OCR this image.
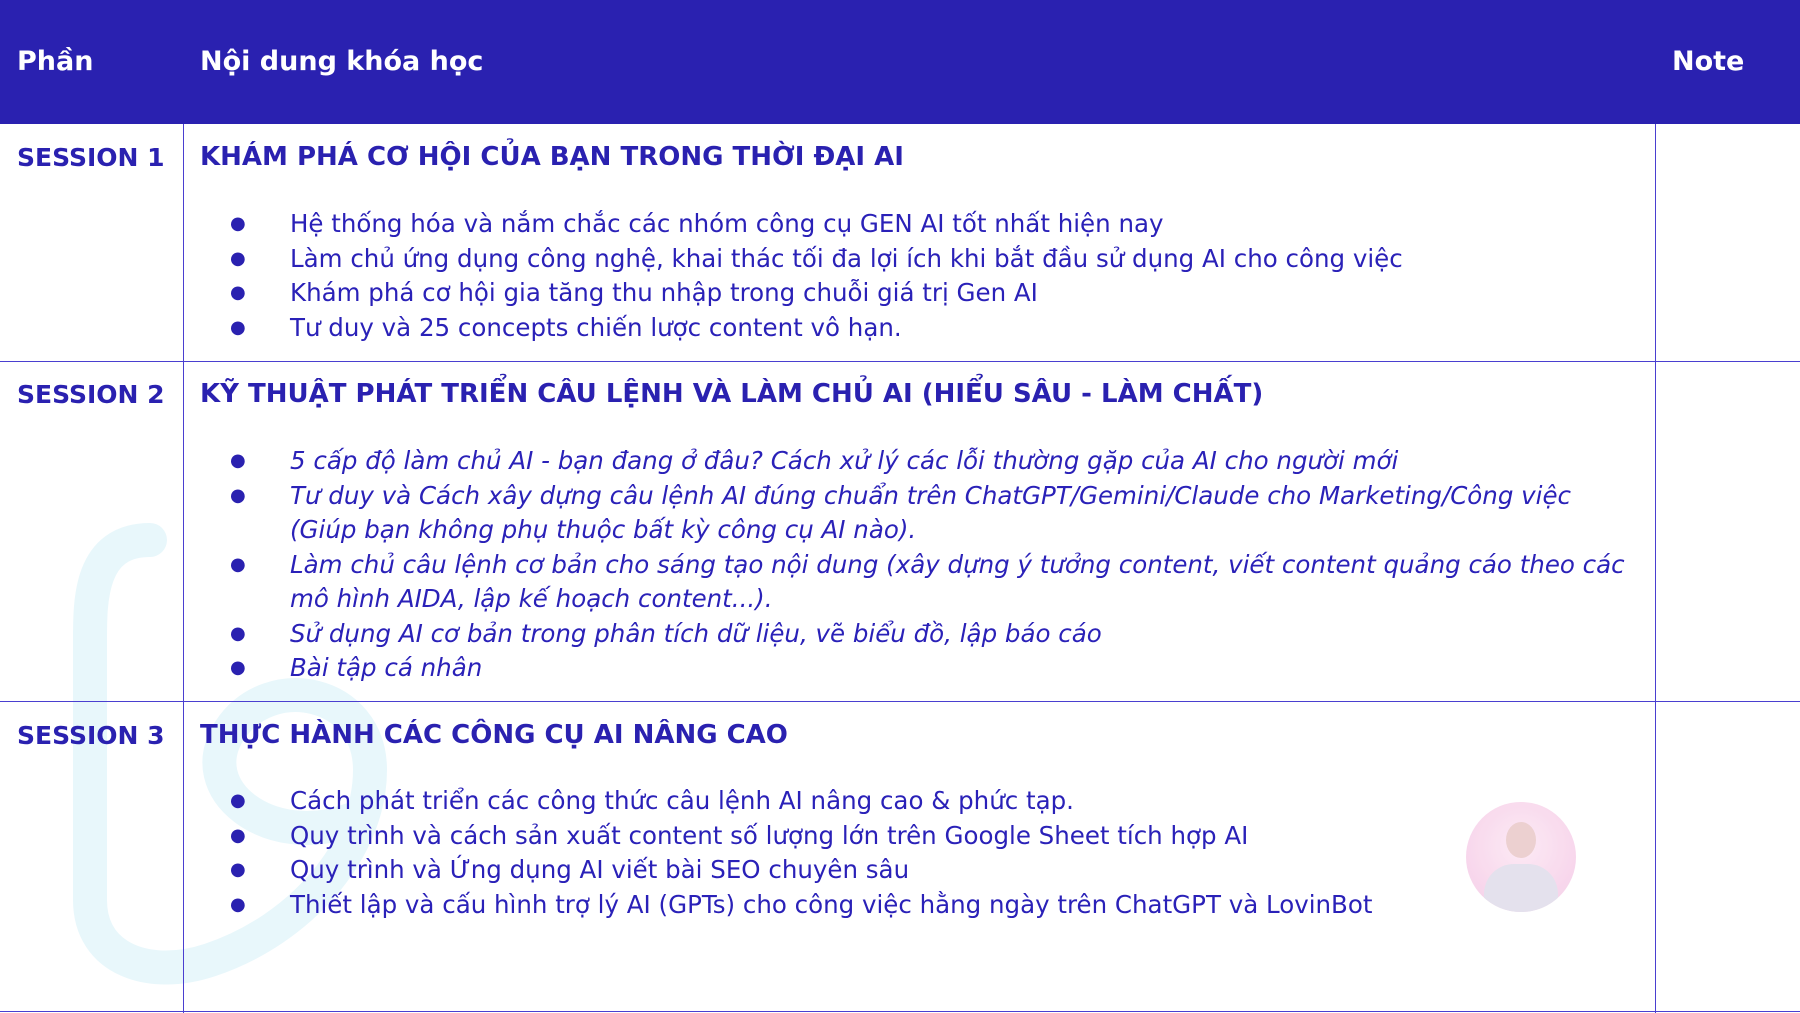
Phần	Nội dung khóa học	Note
SESSION 1 KHÁM PHÁ CƠ HỘI CỦA BẠN TRONG THỜI ĐẠI AI
● Hệ thống hóa và nắm chắc các nhóm công cụ GEN AI tốt nhất hiện nay
● Làm chủ ứng dụng công nghệ, khai thác tối đa lợi ích khi bắt đầu sử dụng AI cho công việc
● Khám phá cơ hội gia tăng thu nhập trong chuỗi giá trị Gen AI
● Tư duy và 25 concepts chiến lược content vô hạn.
SESSION 2 KỸ THUẬT PHÁT TRIỂN CÂU LỆNH VÀ LÀM CHỦ AI (HIỂU SÂU - LÀM CHẤT)
● 5 cấp độ làm chủ AI - bạn đang ở đâu? Cách xử lý các lỗi thường gặp của AI cho người mới
● Tư duy và Cách xây dựng câu lệnh AI đúng chuẩn trên ChatGPT/Gemini/Claude cho Marketing/Công việc (Giúp bạn không phụ thuộc bất kỳ công cụ AI nào).
● Làm chủ câu lệnh cơ bản cho sáng tạo nội dung (xây dựng ý tưởng content, viết content quảng cáo theo các mô hình AIDA, lập kế hoạch content...).
● Sử dụng AI cơ bản trong phân tích dữ liệu, vẽ biểu đồ, lập báo cáo
● Bài tập cá nhân
SESSION 3 THỰC HÀNH CÁC CÔNG CỤ AI NÂNG CAO
● Cách phát triển các công thức câu lệnh AI nâng cao & phức tạp.
● Quy trình và cách sản xuất content số lượng lớn trên Google Sheet tích hợp AI
● Quy trình và Ứng dụng AI viết bài SEO chuyên sâu
● Thiết lập và cấu hình trợ lý AI (GPTs) cho công việc hằng ngày trên ChatGPT và LovinBot
